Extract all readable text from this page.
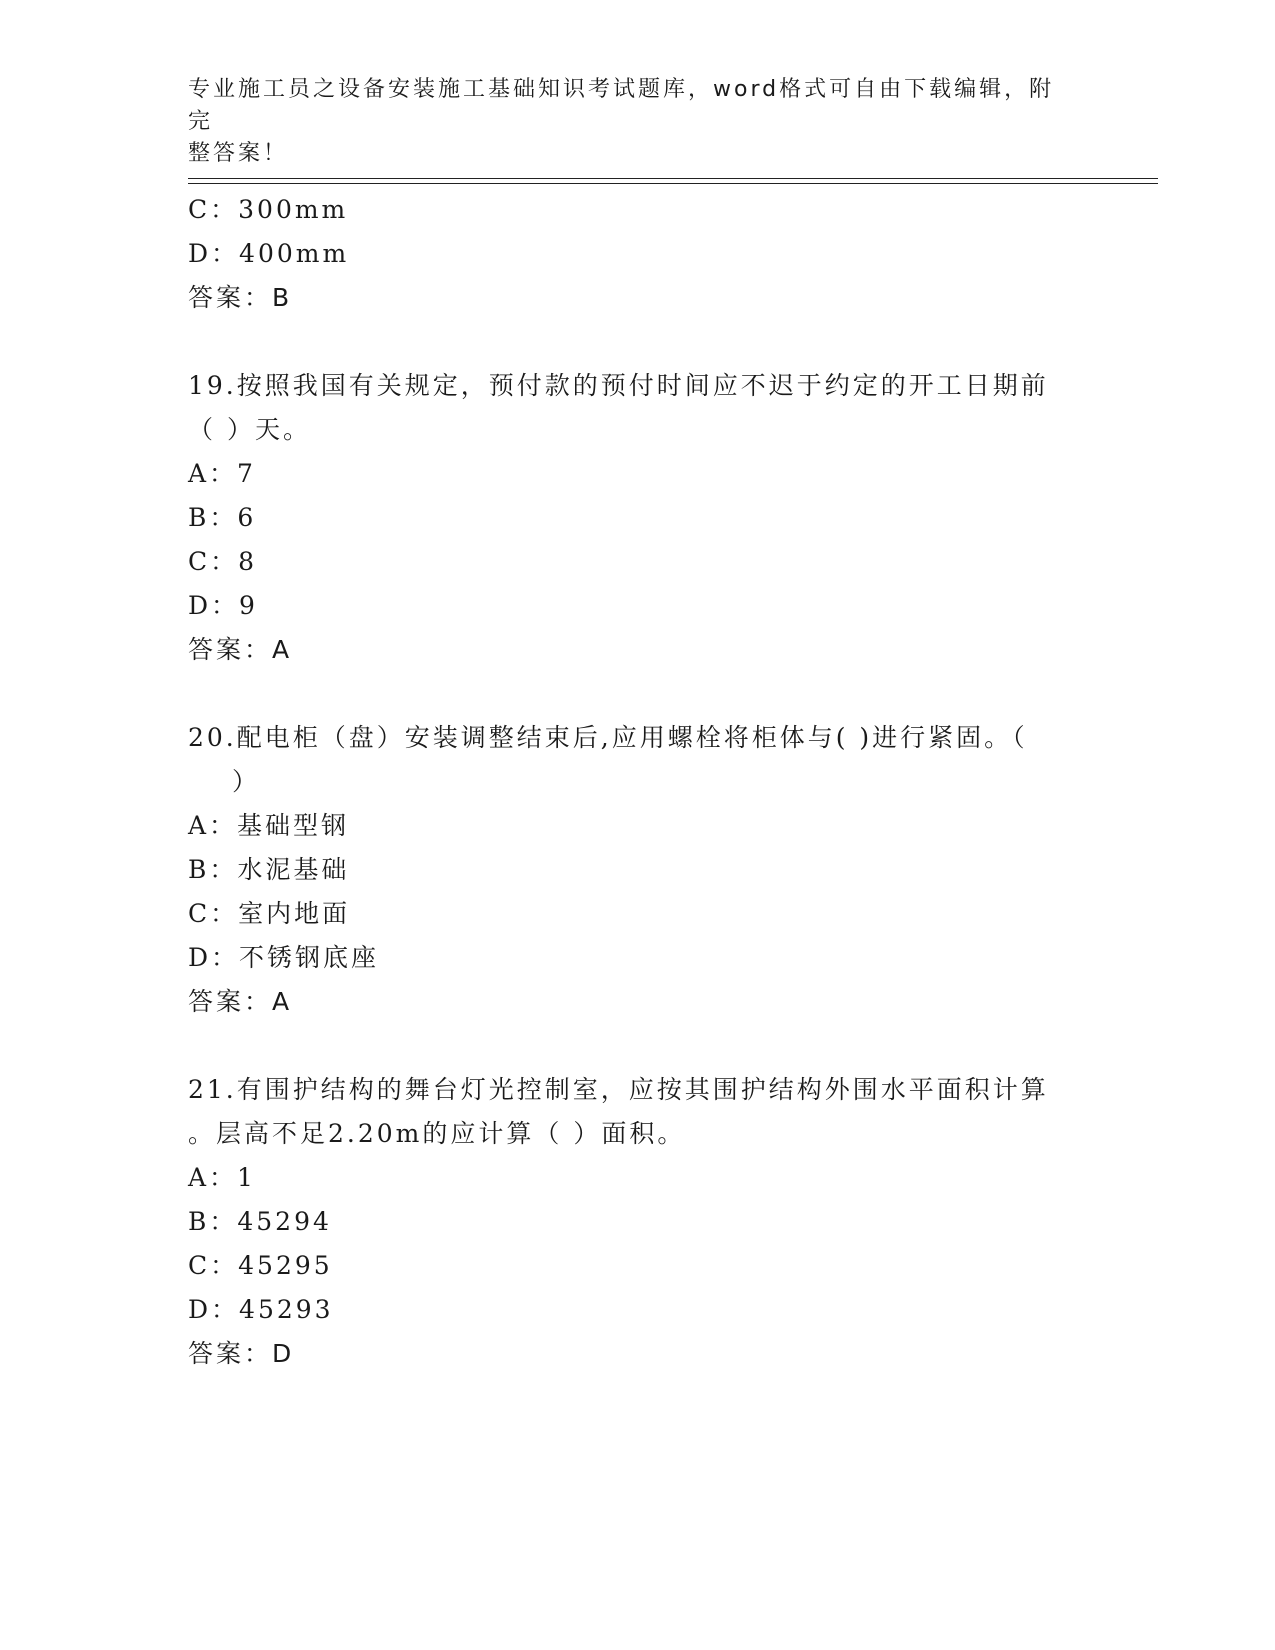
专业施工员之设备安装施工基础知识考试题库，word格式可自由下载编辑，附完
整答案！
C：300mm
D：400mm
答案：B
19.按照我国有关规定，预付款的预付时间应不迟于约定的开工日期前
（ ）天。
A：7
B：6
C：8
D：9
答案：A
20.配电柜（盘）安装调整结束后,应用螺栓将柜体与( )进行紧固。（
）
A：基础型钢
B：水泥基础
C：室内地面
D：不锈钢底座
答案：A
21.有围护结构的舞台灯光控制室，应按其围护结构外围水平面积计算
。层高不足2.20m的应计算（ ）面积。
A：1
B：45294
C：45295
D：45293
答案：D
